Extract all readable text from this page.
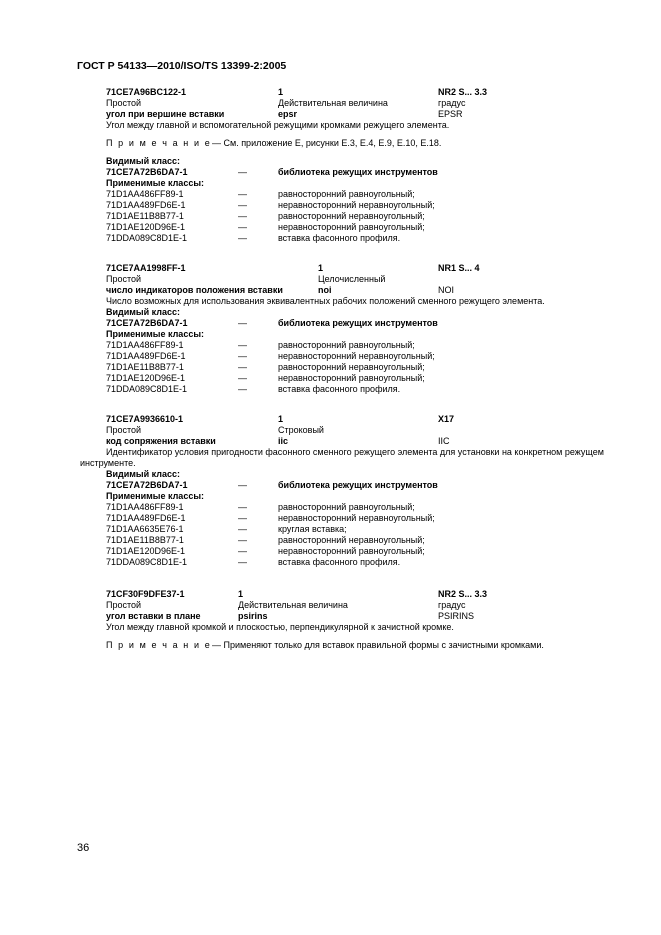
ГОСТ Р 54133—2010/ISO/TS 13399-2:2005
71CE7A96BC122-1	1	NR2 S... 3.3
Простой	Действительная величина	градус
угол при вершине вставки	epsr	EPSR
Угол между главной и вспомогательной режущими кромками режущего элемента.
П р и м е ч а н и е — См. приложение Е, рисунки Е.3, Е.4, Е.9, Е.10, Е.18.
Видимый класс:
71CE7A72B6DA7-1	—	библиотека режущих инструментов
Применимые классы:
71D1AA486FF89-1	—	равносторонний равноугольный;
71D1AA489FD6E-1	—	неравносторонний неравноугольный;
71D1AE11B8B77-1	—	равносторонний неравноугольный;
71D1AE120D96E-1	—	неравносторонний равноугольный;
71DDA089C8D1E-1	—	вставка фасонного профиля.
71CE7AA1998FF-1	1	NR1 S... 4
Простой	Целочисленный
число индикаторов положения вставки	noi	NOI
Число возможных для использования эквивалентных рабочих положений сменного режущего элемента.
Видимый класс:
71CE7A72B6DA7-1	—	библиотека режущих инструментов
Применимые классы:
71D1AA486FF89-1	—	равносторонний равноугольный;
71D1AA489FD6E-1	—	неравносторонний неравноугольный;
71D1AE11B8B77-1	—	равносторонний неравноугольный;
71D1AE120D96E-1	—	неравносторонний равноугольный;
71DDA089C8D1E-1	—	вставка фасонного профиля.
71CE7A9936610-1	1	X17
Простой	Строковый
код сопряжения вставки	iic	IIC
Идентификатор условия пригодности фасонного сменного режущего элемента для установки на конкретном режущем инструменте.
Видимый класс:
71CE7A72B6DA7-1	—	библиотека режущих инструментов
Применимые классы:
71D1AA486FF89-1	—	равносторонний равноугольный;
71D1AA489FD6E-1	—	неравносторонний неравноугольный;
71D1AA6635E76-1	—	круглая вставка;
71D1AE11B8B77-1	—	равносторонний неравноугольный;
71D1AE120D96E-1	—	неравносторонний равноугольный;
71DDA089C8D1E-1	—	вставка фасонного профиля.
71CF30F9DFE37-1	1	NR2 S... 3.3
Простой	Действительная величина	градус
угол вставки в плане	psirins	PSIRINS
Угол между главной кромкой и плоскостью, перпендикулярной к зачистной кромке.
П р и м е ч а н и е — Применяют только для вставок правильной формы с зачистными кромками.
36
